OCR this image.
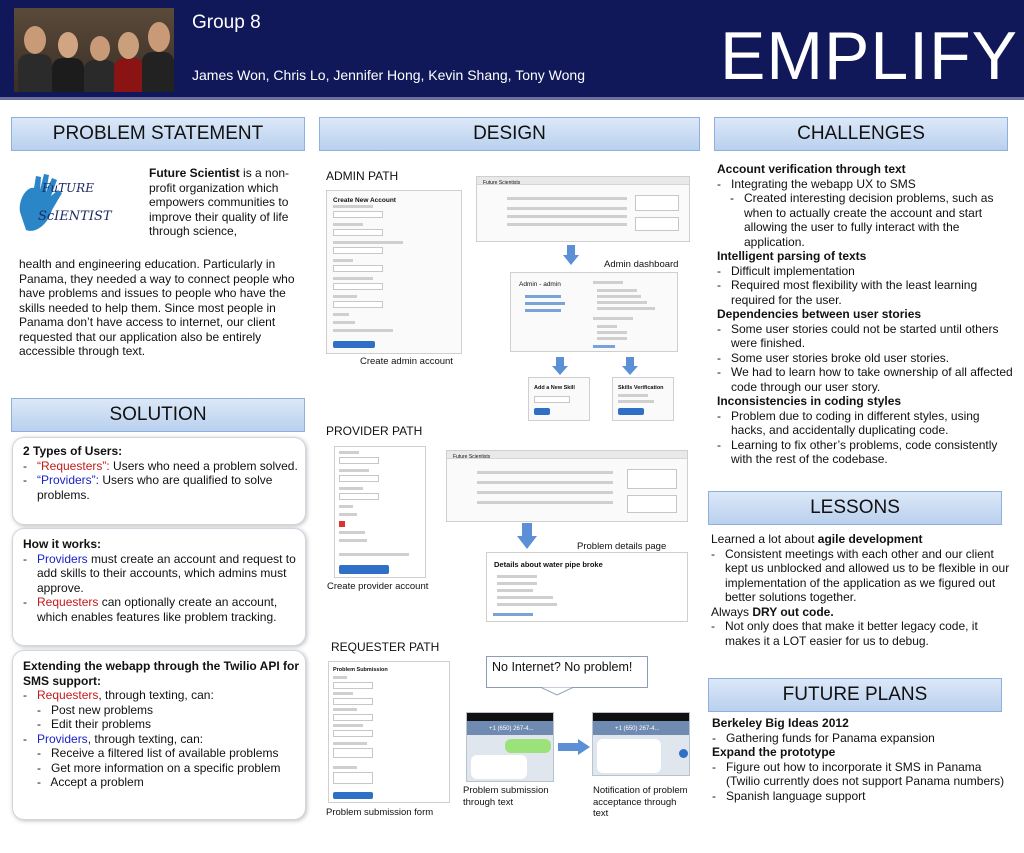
Group 8
James Won, Chris Lo, Jennifer Hong, Kevin Shang, Tony Wong EMPLIFY
PROBLEM STATEMENT
FuTURE
ScIENTIST
Future Scientist is a non-profit organization which empowers communities to improve their quality of life through science,
health and engineering education. Particularly in Panama, they needed a way to connect people who have problems and issues to people who have the skills needed to help them. Since most people in Panama don’t have access to internet, our client requested that our application also be entirely accessible through text.
SOLUTION
2 Types of Users:
-   “Requesters”: Users who need a problem solved.
-   “Providers”: Users who are qualified to solve problems.
How it works:
-   Providers must create an account and request to add skills to their accounts, which admins must approve.
-   Requesters can optionally create an account, which enables features like problem tracking.
Extending the webapp through the Twilio API for SMS support:
-   Requesters, through texting, can:
-   Post new problems
-   Edit their problems
-   Providers, through texting, can:
-   Receive a filtered list of available problems
-   Get more information on a specific problem
-   Accept a problem
DESIGN
ADMIN PATH
Create New Account
Create admin account
Future Scientists
Admin dashboard
Admin - admin
Add a New Skill	Skills Verification
PROVIDER PATH
Create provider account
Future Scientists
Problem details page
Details about water pipe broke
REQUESTER PATH
Problem Submission
Problem submission form
No Internet? No problem!
+1 (650) 267-4...	+1 (650) 267-4...
Problem submission through text
Notification of problem acceptance through text
CHALLENGES
Account verification through text
-   Integrating the webapp UX to SMS
-   Created interesting decision problems, such as when to actually create the account and start allowing the user to fully interact with the application.
Intelligent parsing of texts
-   Difficult implementation
-   Required most flexibility with the least learning required for the user.
Dependencies between user stories
-   Some user stories could not be started until others were finished.
-   Some user stories broke old user stories.
-   We had to learn how to take ownership of all affected code through our user story.
Inconsistencies in coding styles
-   Problem due to coding in different styles, using hacks, and accidentally duplicating code.
-   Learning to fix other’s problems, code consistently with the rest of the codebase.
LESSONS
Learned a lot about agile development
-   Consistent meetings with each other and our client kept us unblocked and allowed us to be flexible in our implementation of the application as we figured out better solutions together.
Always DRY out code.
-   Not only does that make it better legacy code, it makes it a LOT easier for us to debug.
FUTURE PLANS
Berkeley Big Ideas 2012
-   Gathering funds for Panama expansion
Expand the prototype
-   Figure out how to incorporate it SMS in Panama (Twilio currently does not support Panama numbers)
-   Spanish language support
